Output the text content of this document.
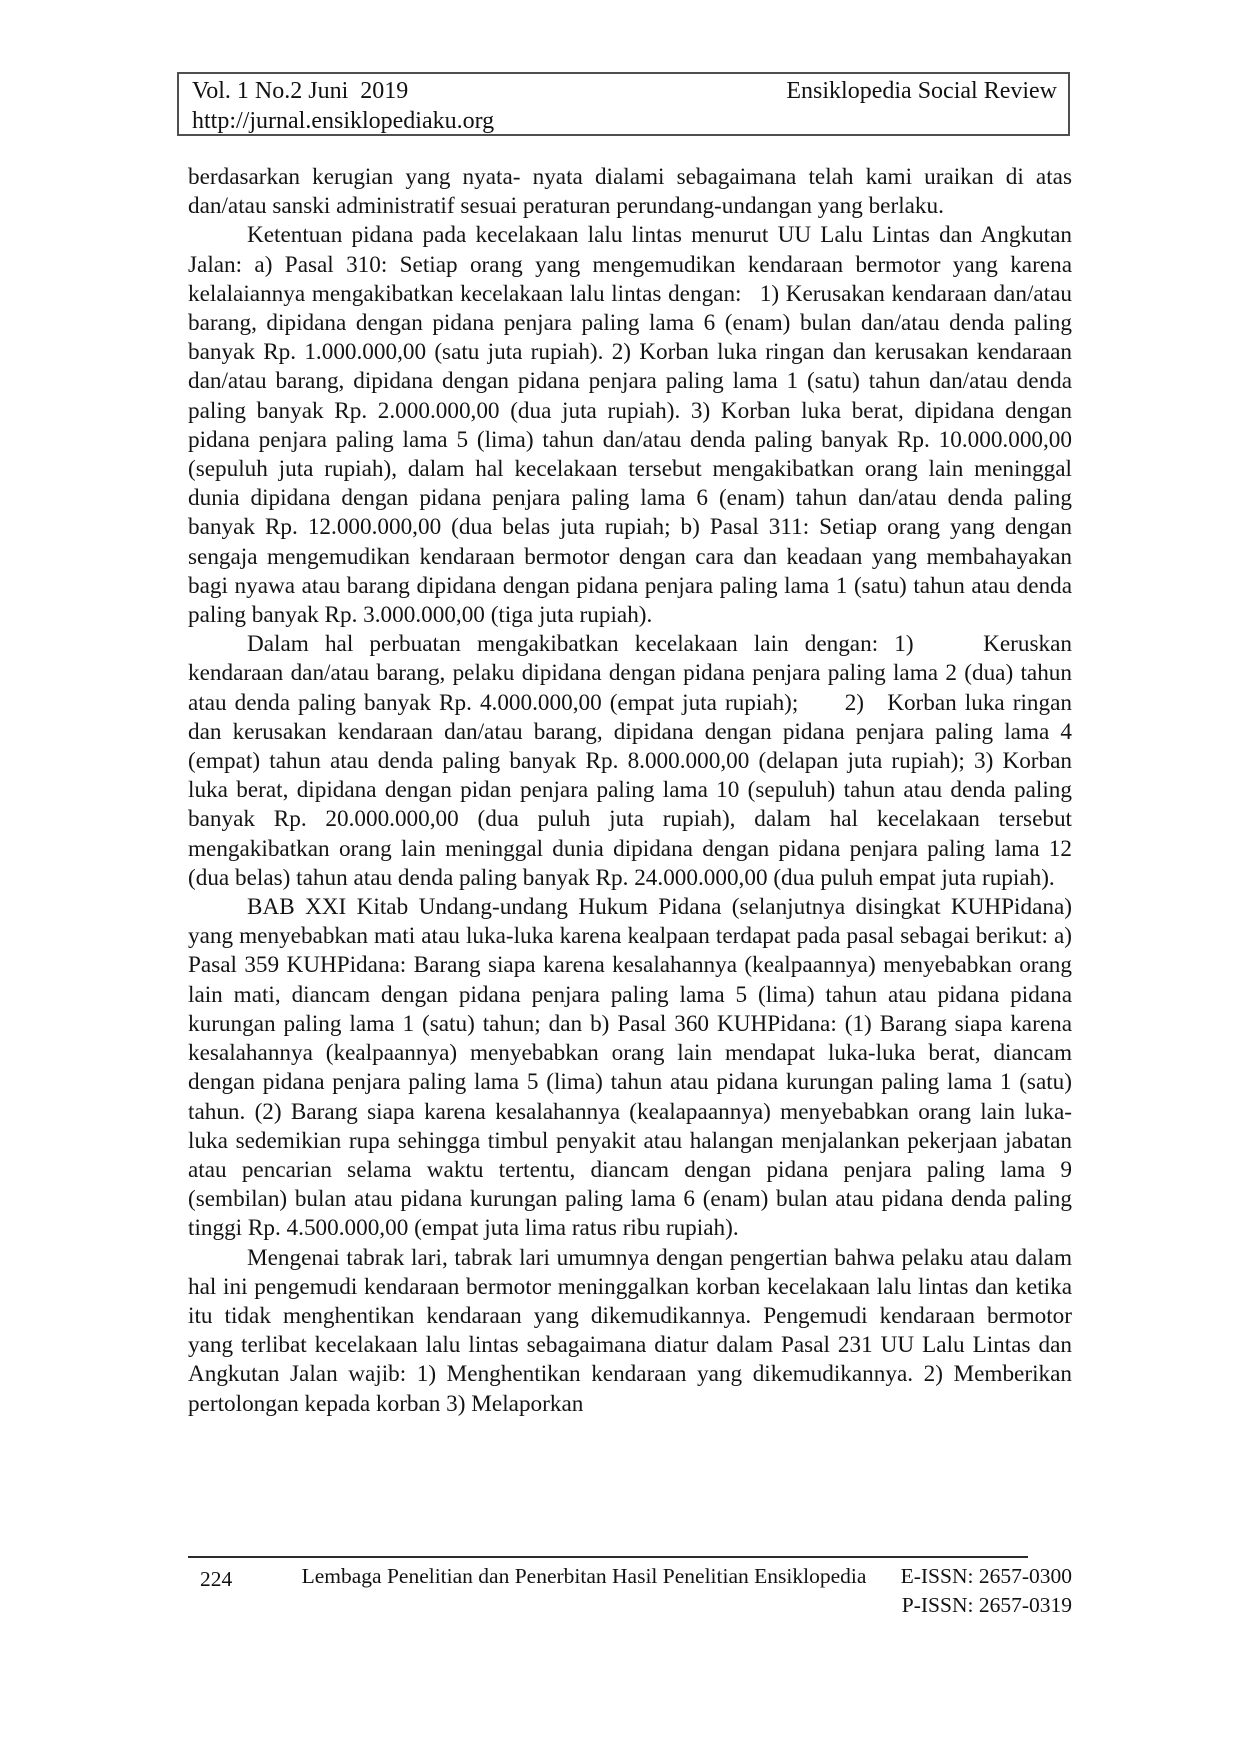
Vol. 1 No.2 Juni  2019	Ensiklopedia Social Review
http://jurnal.ensiklopediaku.org

berdasarkan kerugian yang nyata- nyata dialami sebagaimana telah kami uraikan di atas dan/atau sanski administratif sesuai peraturan perundang-undangan yang berlaku.

Ketentuan pidana pada kecelakaan lalu lintas menurut UU Lalu Lintas dan Angkutan Jalan: a) Pasal 310: Setiap orang yang mengemudikan kendaraan bermotor yang karena kelalaiannya mengakibatkan kecelakaan lalu lintas dengan:  1) Kerusakan kendaraan dan/atau barang, dipidana dengan pidana penjara paling lama 6 (enam) bulan dan/atau denda paling banyak Rp. 1.000.000,00 (satu juta rupiah). 2) Korban luka ringan dan kerusakan kendaraan dan/atau barang, dipidana dengan pidana penjara paling lama 1 (satu) tahun dan/atau denda paling banyak Rp. 2.000.000,00 (dua juta rupiah). 3) Korban luka berat, dipidana dengan pidana penjara paling lama 5 (lima) tahun dan/atau denda paling banyak Rp. 10.000.000,00 (sepuluh juta rupiah), dalam hal kecelakaan tersebut mengakibatkan orang lain meninggal dunia dipidana dengan pidana penjara paling lama 6 (enam) tahun dan/atau denda paling banyak Rp. 12.000.000,00 (dua belas juta rupiah; b) Pasal 311: Setiap orang yang dengan sengaja mengemudikan kendaraan bermotor dengan cara dan keadaan yang membahayakan bagi nyawa atau barang dipidana dengan pidana penjara paling lama 1 (satu) tahun atau denda paling banyak Rp. 3.000.000,00 (tiga juta rupiah).

Dalam hal perbuatan mengakibatkan kecelakaan lain dengan: 1)   Keruskan kendaraan dan/atau barang, pelaku dipidana dengan pidana penjara paling lama 2 (dua) tahun atau denda paling banyak Rp. 4.000.000,00 (empat juta rupiah);  2) Korban luka ringan dan kerusakan kendaraan dan/atau barang, dipidana dengan pidana penjara paling lama 4 (empat) tahun atau denda paling banyak Rp. 8.000.000,00 (delapan juta rupiah); 3) Korban luka berat, dipidana dengan pidan penjara paling lama 10 (sepuluh) tahun atau denda paling banyak Rp. 20.000.000,00 (dua puluh juta rupiah), dalam hal kecelakaan tersebut mengakibatkan orang lain meninggal dunia dipidana dengan pidana penjara paling lama 12 (dua belas) tahun atau denda paling banyak Rp. 24.000.000,00 (dua puluh empat juta rupiah).

BAB XXI Kitab Undang-undang Hukum Pidana (selanjutnya disingkat KUHPidana) yang menyebabkan mati atau luka-luka karena kealpaan terdapat pada pasal sebagai berikut: a) Pasal 359 KUHPidana: Barang siapa karena kesalahannya (kealpaannya) menyebabkan orang lain mati, diancam dengan pidana penjara paling lama 5 (lima) tahun atau pidana pidana kurungan paling lama 1 (satu) tahun; dan b) Pasal 360 KUHPidana: (1) Barang siapa karena kesalahannya (kealpaannya) menyebabkan orang lain mendapat luka-luka berat, diancam dengan pidana penjara paling lama 5 (lima) tahun atau pidana kurungan paling lama 1 (satu) tahun. (2) Barang siapa karena kesalahannya (kealapaannya) menyebabkan orang lain luka-luka sedemikian rupa sehingga timbul penyakit atau halangan menjalankan pekerjaan jabatan atau pencarian selama waktu tertentu, diancam dengan pidana penjara paling lama 9 (sembilan) bulan atau pidana kurungan paling lama 6 (enam) bulan atau pidana denda paling tinggi Rp. 4.500.000,00 (empat juta lima ratus ribu rupiah).

Mengenai tabrak lari, tabrak lari umumnya dengan pengertian bahwa pelaku atau dalam hal ini pengemudi kendaraan bermotor meninggalkan korban kecelakaan lalu lintas dan ketika itu tidak menghentikan kendaraan yang dikemudikannya. Pengemudi kendaraan bermotor yang terlibat kecelakaan lalu lintas sebagaimana diatur dalam Pasal 231 UU Lalu Lintas dan Angkutan Jalan wajib: 1) Menghentikan kendaraan yang dikemudikannya. 2) Memberikan pertolongan kepada korban 3) Melaporkan

224	Lembaga Penelitian dan Penerbitan Hasil Penelitian Ensiklopedia	E-ISSN: 2657-0300
P-ISSN: 2657-0319
